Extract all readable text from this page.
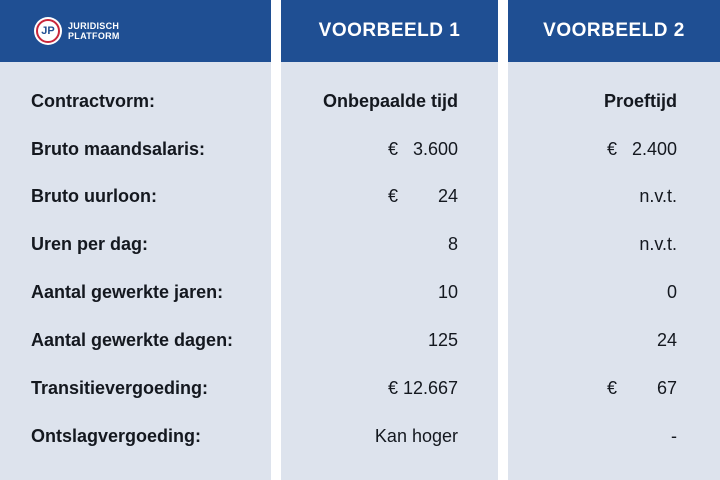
JP	JURIDISCH
PLATFORM
Contractvorm:
Bruto maandsalaris:
Bruto uurloon:
Uren per dag:
Aantal gewerkte jaren:
Aantal gewerkte dagen:
Transitievergoeding:
Ontslagvergoeding:
VOORBEELD 1
Onbepaalde tijd
€ 3.600
€ 24
8
10
125
€ 12.667
Kan hoger
VOORBEELD 2
Proeftijd
€ 2.400
n.v.t.
n.v.t.
0
24
€ 67
-
